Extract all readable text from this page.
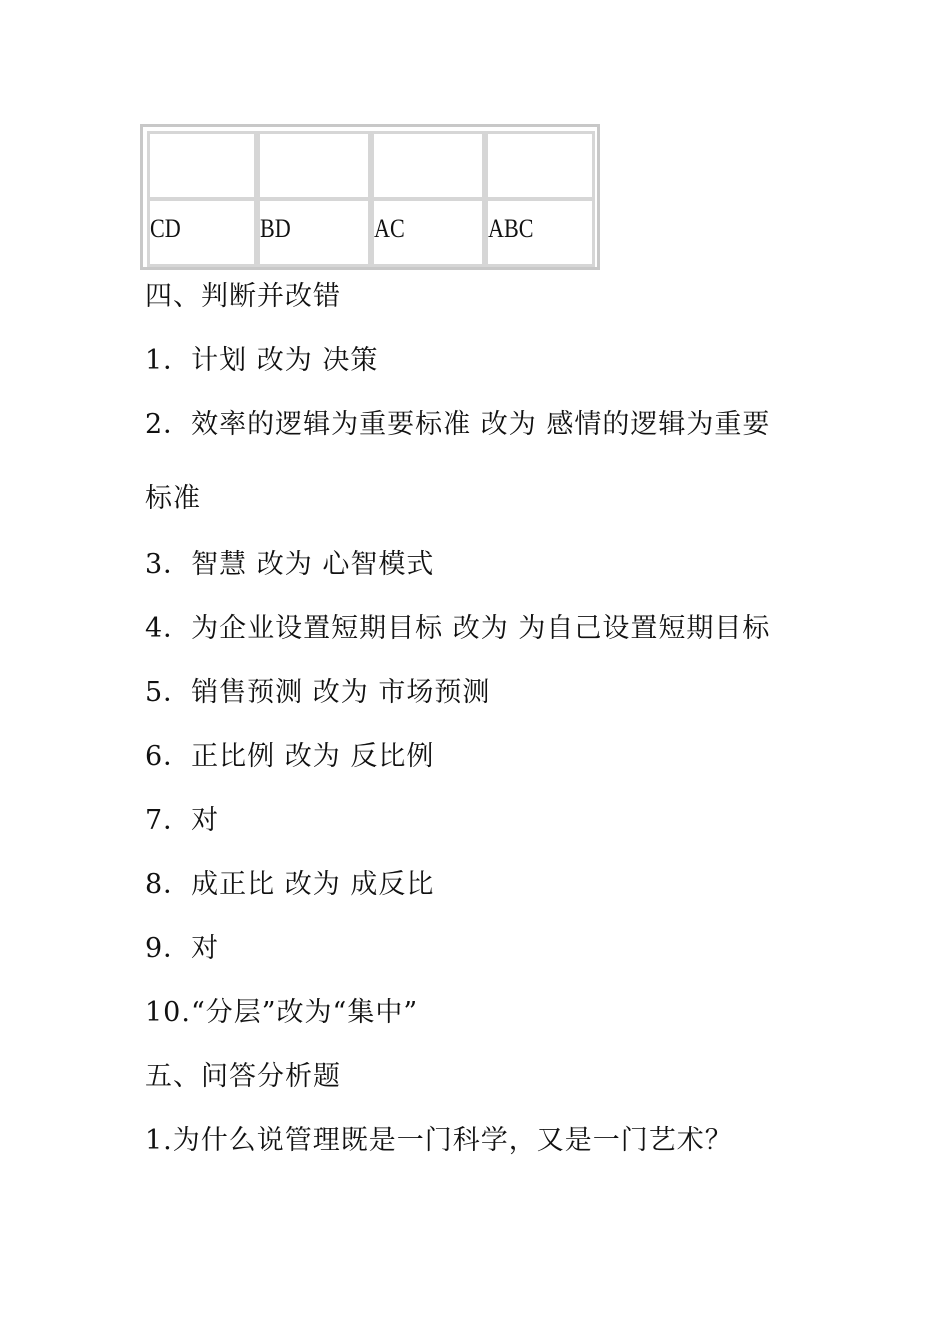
CD	BD	AC	ABC
四、判断并改错
1．计划 改为 决策
2．效率的逻辑为重要标准 改为 感情的逻辑为重要
标准
3．智慧 改为 心智模式
4．为企业设置短期目标 改为 为自己设置短期目标
5．销售预测 改为 市场预测
6．正比例 改为 反比例
7．对
8．成正比 改为 成反比
9．对
10.“分层”改为“集中”
五、问答分析题
1.为什么说管理既是一门科学，又是一门艺术？
